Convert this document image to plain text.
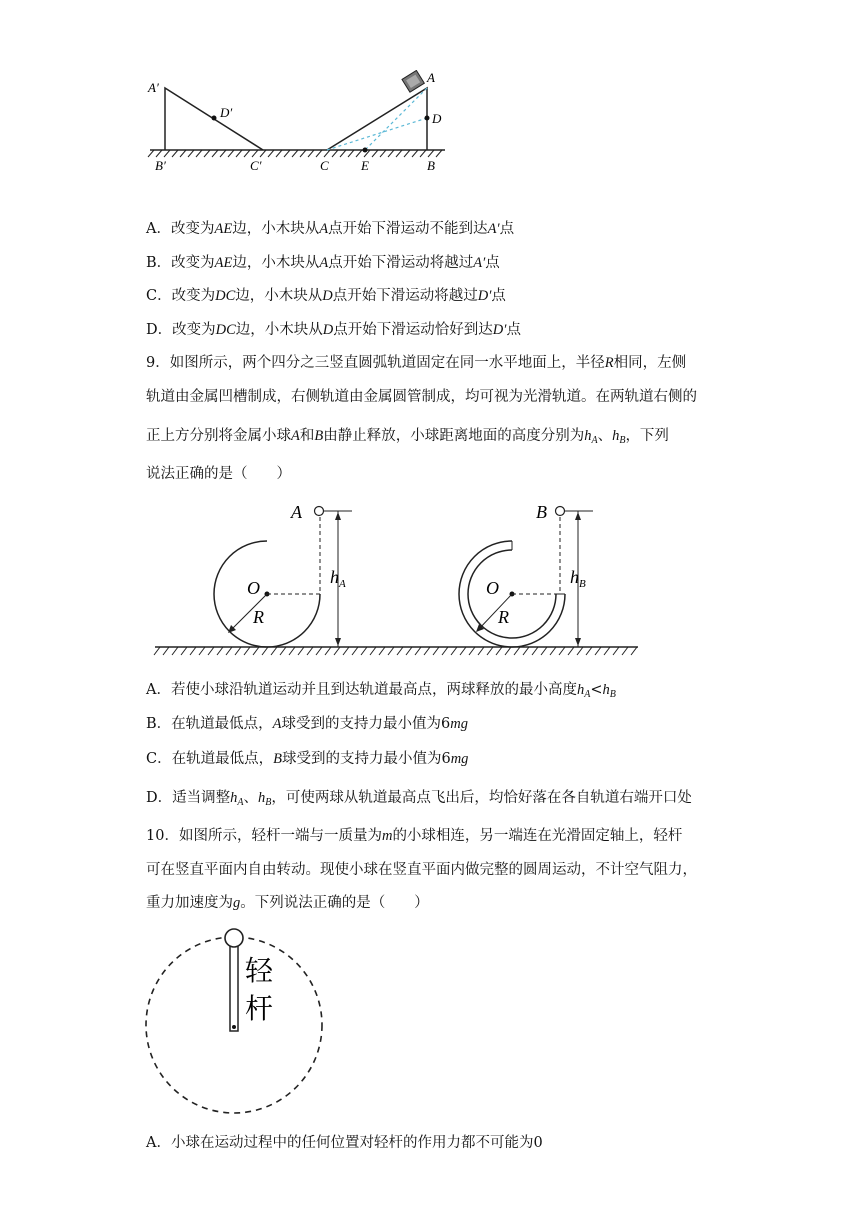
A′
D′
B′	C′	C E
A
D
B
A．改变为AE边，小木块从A点开始下滑运动不能到达A′点
B．改变为AE边，小木块从A点开始下滑运动将越过A′点
C．改变为DC边，小木块从D点开始下滑运动将越过D′点
D．改变为DC边，小木块从D点开始下滑运动恰好到达D′点
9．如图所示，两个四分之三竖直圆弧轨道固定在同一水平地面上，半径R相同，左侧
轨道由金属凹槽制成，右侧轨道由金属圆管制成，均可视为光滑轨道。在两轨道右侧的
正上方分别将金属小球A和B由静止释放，小球距离地面的高度分别为$h_A$、$h_B$，下列
说法正确的是（　　）
A
O
R
$h_A$
B
O
R
$h_B$
A．若使小球沿轨道运动并且到达轨道最高点，两球释放的最小高度$h_A<h_B$
B．在轨道最低点，A球受到的支持力最小值为6mg
C．在轨道最低点，B球受到的支持力最小值为6mg
D．适当调整$h_A$、$h_B$，可使两球从轨道最高点飞出后，均恰好落在各自轨道右端开口处
10．如图所示，轻杆一端与一质量为m的小球相连，另一端连在光滑固定轴上，轻杆
可在竖直平面内自由转动。现使小球在竖直平面内做完整的圆周运动，不计空气阻力，
重力加速度为g。下列说法正确的是（　　）
轻
杆
A．小球在运动过程中的任何位置对轻杆的作用力都不可能为0
